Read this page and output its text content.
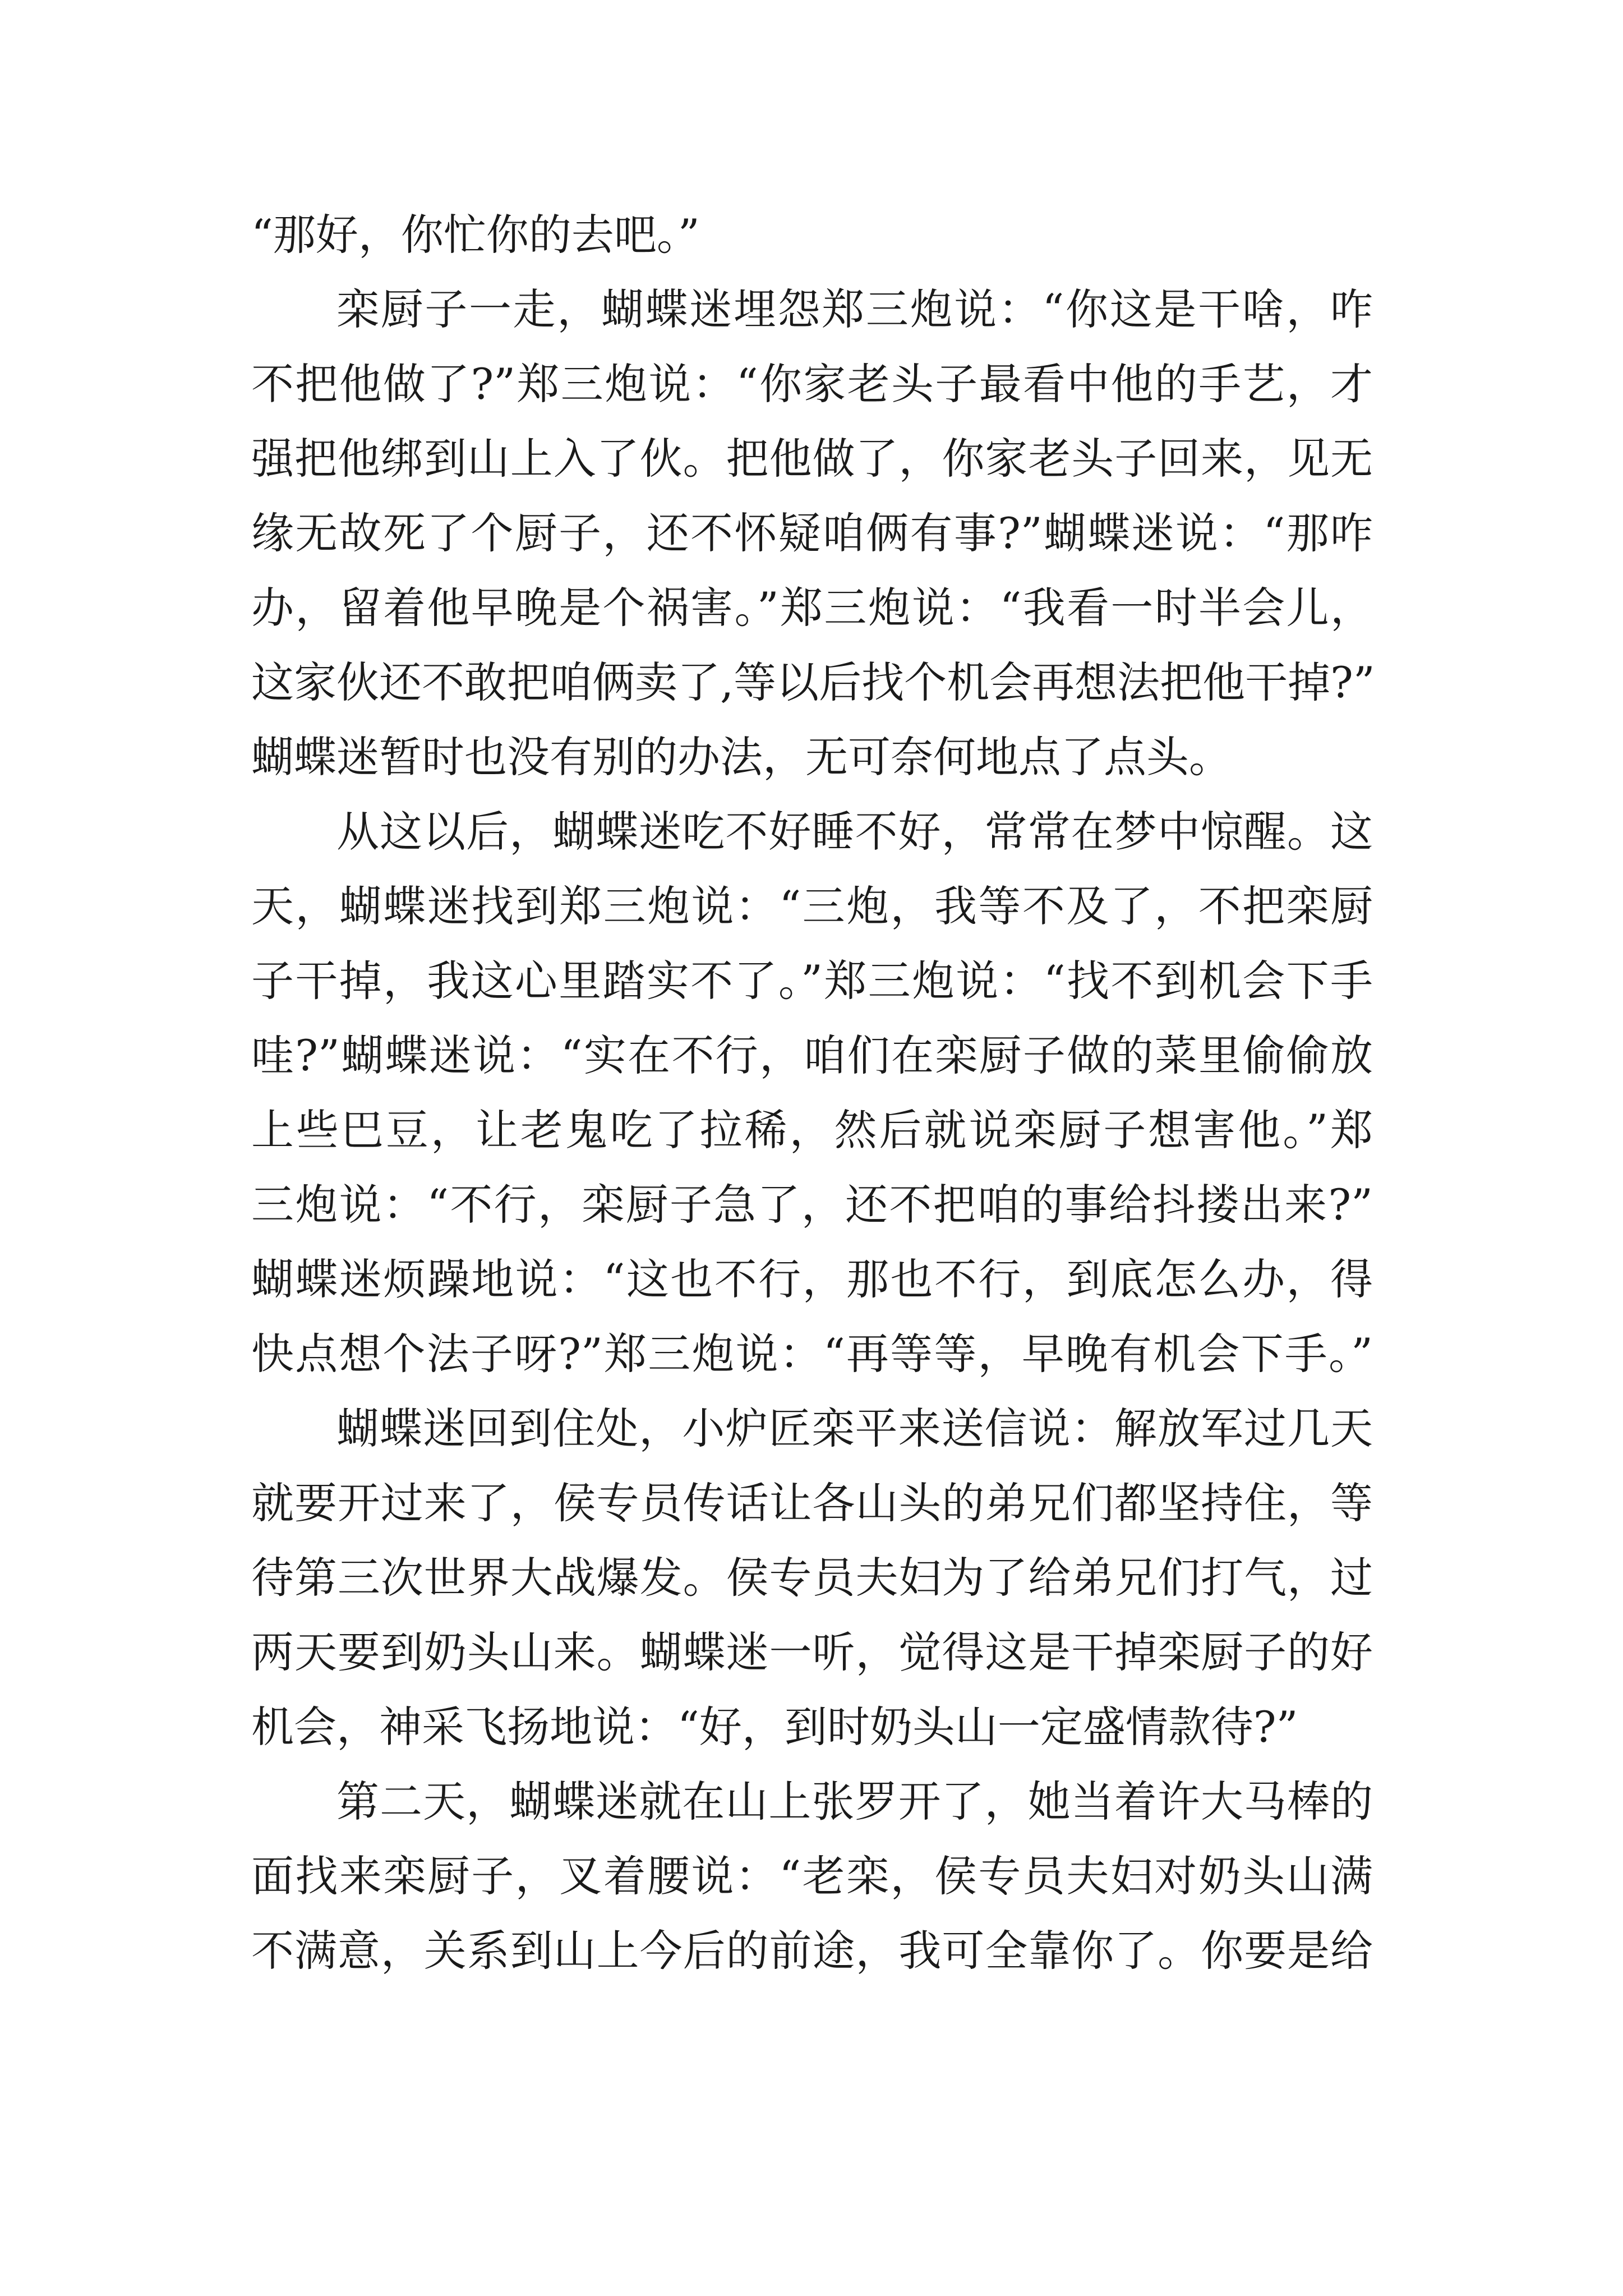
“那好，你忙你的去吧。”
栾厨子一走，蝴蝶迷埋怨郑三炮说：“你这是干啥，咋
不把他做了?”郑三炮说：“你家老头子最看中他的手艺，才
强把他绑到山上入了伙。把他做了，你家老头子回来，见无
缘无故死了个厨子，还不怀疑咱俩有事?”蝴蝶迷说：“那咋
办，留着他早晚是个祸害。”郑三炮说：“我看一时半会儿，
这家伙还不敢把咱俩卖了,等以后找个机会再想法把他干掉?”
蝴蝶迷暂时也没有别的办法，无可奈何地点了点头。
从这以后，蝴蝶迷吃不好睡不好，常常在梦中惊醒。这
天，蝴蝶迷找到郑三炮说：“三炮，我等不及了，不把栾厨
子干掉，我这心里踏实不了。”郑三炮说：“找不到机会下手
哇?”蝴蝶迷说：“实在不行，咱们在栾厨子做的菜里偷偷放
上些巴豆，让老鬼吃了拉稀，然后就说栾厨子想害他。”郑
三炮说：“不行，栾厨子急了，还不把咱的事给抖搂出来?”
蝴蝶迷烦躁地说：“这也不行，那也不行，到底怎么办，得
快点想个法子呀?”郑三炮说：“再等等，早晚有机会下手。”
蝴蝶迷回到住处，小炉匠栾平来送信说：解放军过几天
就要开过来了，侯专员传话让各山头的弟兄们都坚持住，等
待第三次世界大战爆发。侯专员夫妇为了给弟兄们打气，过
两天要到奶头山来。蝴蝶迷一听，觉得这是干掉栾厨子的好
机会，神采飞扬地说：“好，到时奶头山一定盛情款待?”
第二天，蝴蝶迷就在山上张罗开了，她当着许大马棒的
面找来栾厨子，叉着腰说：“老栾，侯专员夫妇对奶头山满
不满意，关系到山上今后的前途，我可全靠你了。你要是给
